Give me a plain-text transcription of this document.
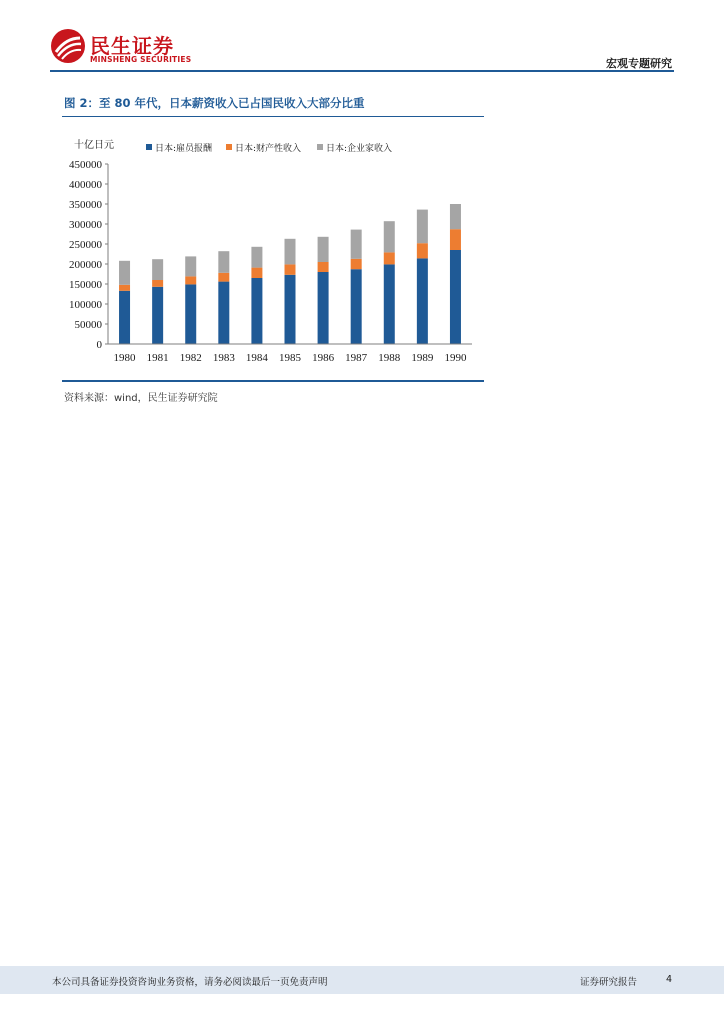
民生证券
MINSHENG SECURITIES	宏观专题研究
图 2：至 80 年代，日本薪资收入已占国民收入大部分比重
十亿日元	日本:雇员报酬	日本:财产性收入	日本:企业家收入
0
50000
100000
150000
200000
250000
300000
350000
400000
450000
1980 1981 1982 1983 1984 1985 1986 1987 1988 1989 1990
资料来源：wind，民生证券研究院
本公司具备证券投资咨询业务资格，请务必阅读最后一页免责声明	证券研究报告	4
